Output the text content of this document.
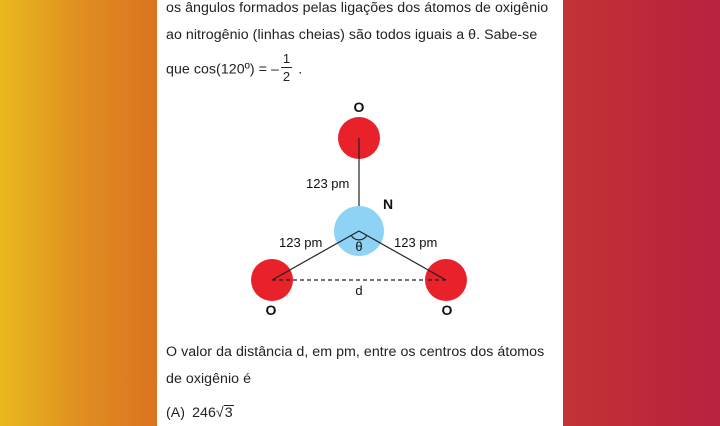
os ângulos formados pelas ligações dos átomos de oxigênio
ao nitrogênio (linhas cheias) são todos iguais a θ. Sabe-se
que cos(120º) = – $\frac{1}{2}$ .
O
N
O	O
123 pm
123 pm	123 pm
θ
d
O valor da distância d, em pm, entre os centros dos átomos
de oxigênio é
(A) 246√3
